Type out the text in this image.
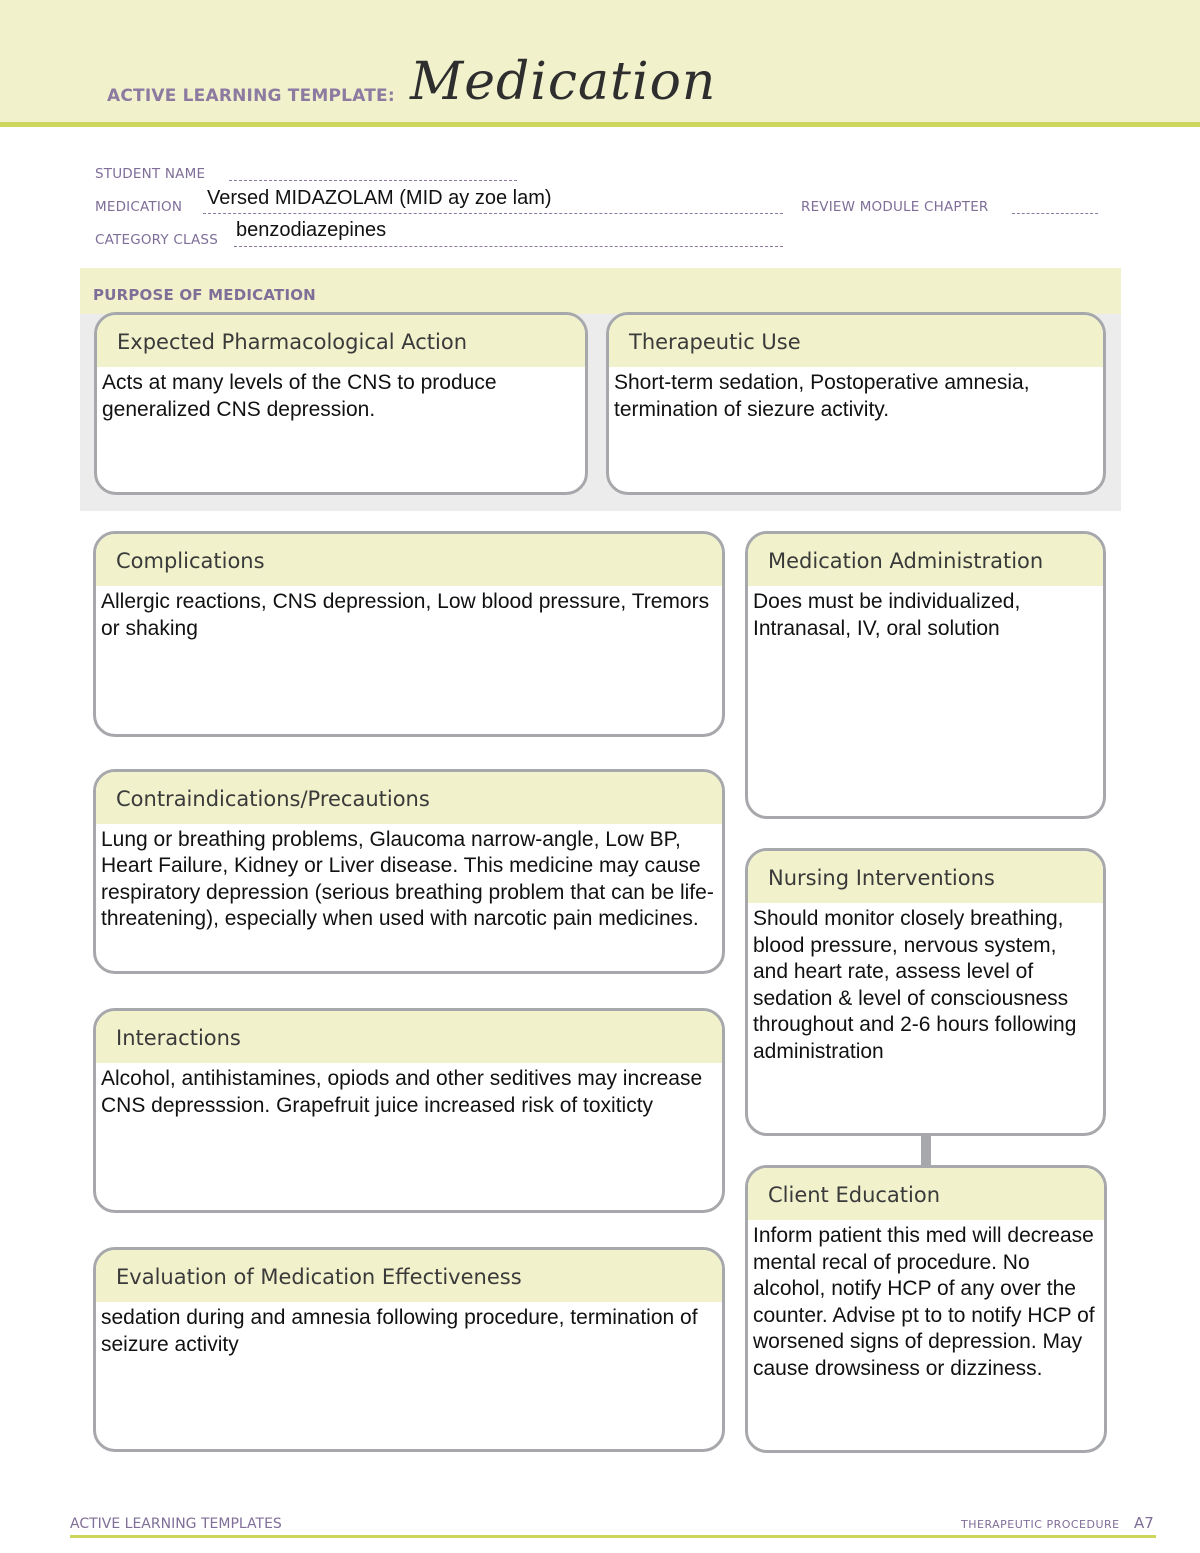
ACTIVE LEARNING TEMPLATE: Medication
STUDENT NAME
MEDICATION Versed MIDAZOLAM (MID ay zoe lam)	REVIEW MODULE CHAPTER
CATEGORY CLASS benzodiazepines
PURPOSE OF MEDICATION
Expected Pharmacological Action
Acts at many levels of the CNS to produce generalized CNS depression.
Therapeutic Use
Short-term sedation, Postoperative amnesia, termination of siezure activity.
Complications
Allergic reactions, CNS depression, Low blood pressure, Tremors or shaking
Contraindications/Precautions
Lung or breathing problems, Glaucoma narrow-angle, Low BP, Heart Failure, Kidney or Liver disease. This medicine may cause respiratory depression (serious breathing problem that can be life-threatening), especially when used with narcotic pain medicines.
Interactions
Alcohol, antihistamines, opiods and other seditives may increase CNS depresssion. Grapefruit juice increased risk of toxiticty
Evaluation of Medication Effectiveness
sedation during and amnesia following procedure, termination of seizure activity
Medication Administration
Does must be individualized, Intranasal, IV, oral solution
Nursing Interventions
Should monitor closely breathing, blood pressure, nervous system, and heart rate, assess level of sedation & level of consciousness throughout and 2-6 hours following administration
Client Education
Inform patient this med will decrease mental recal of procedure. No alcohol, notify HCP of any over the counter. Advise pt to to notify HCP of worsened signs of depression. May cause drowsiness or dizziness.
ACTIVE LEARNING TEMPLATES	THERAPEUTIC PROCEDURE A7
